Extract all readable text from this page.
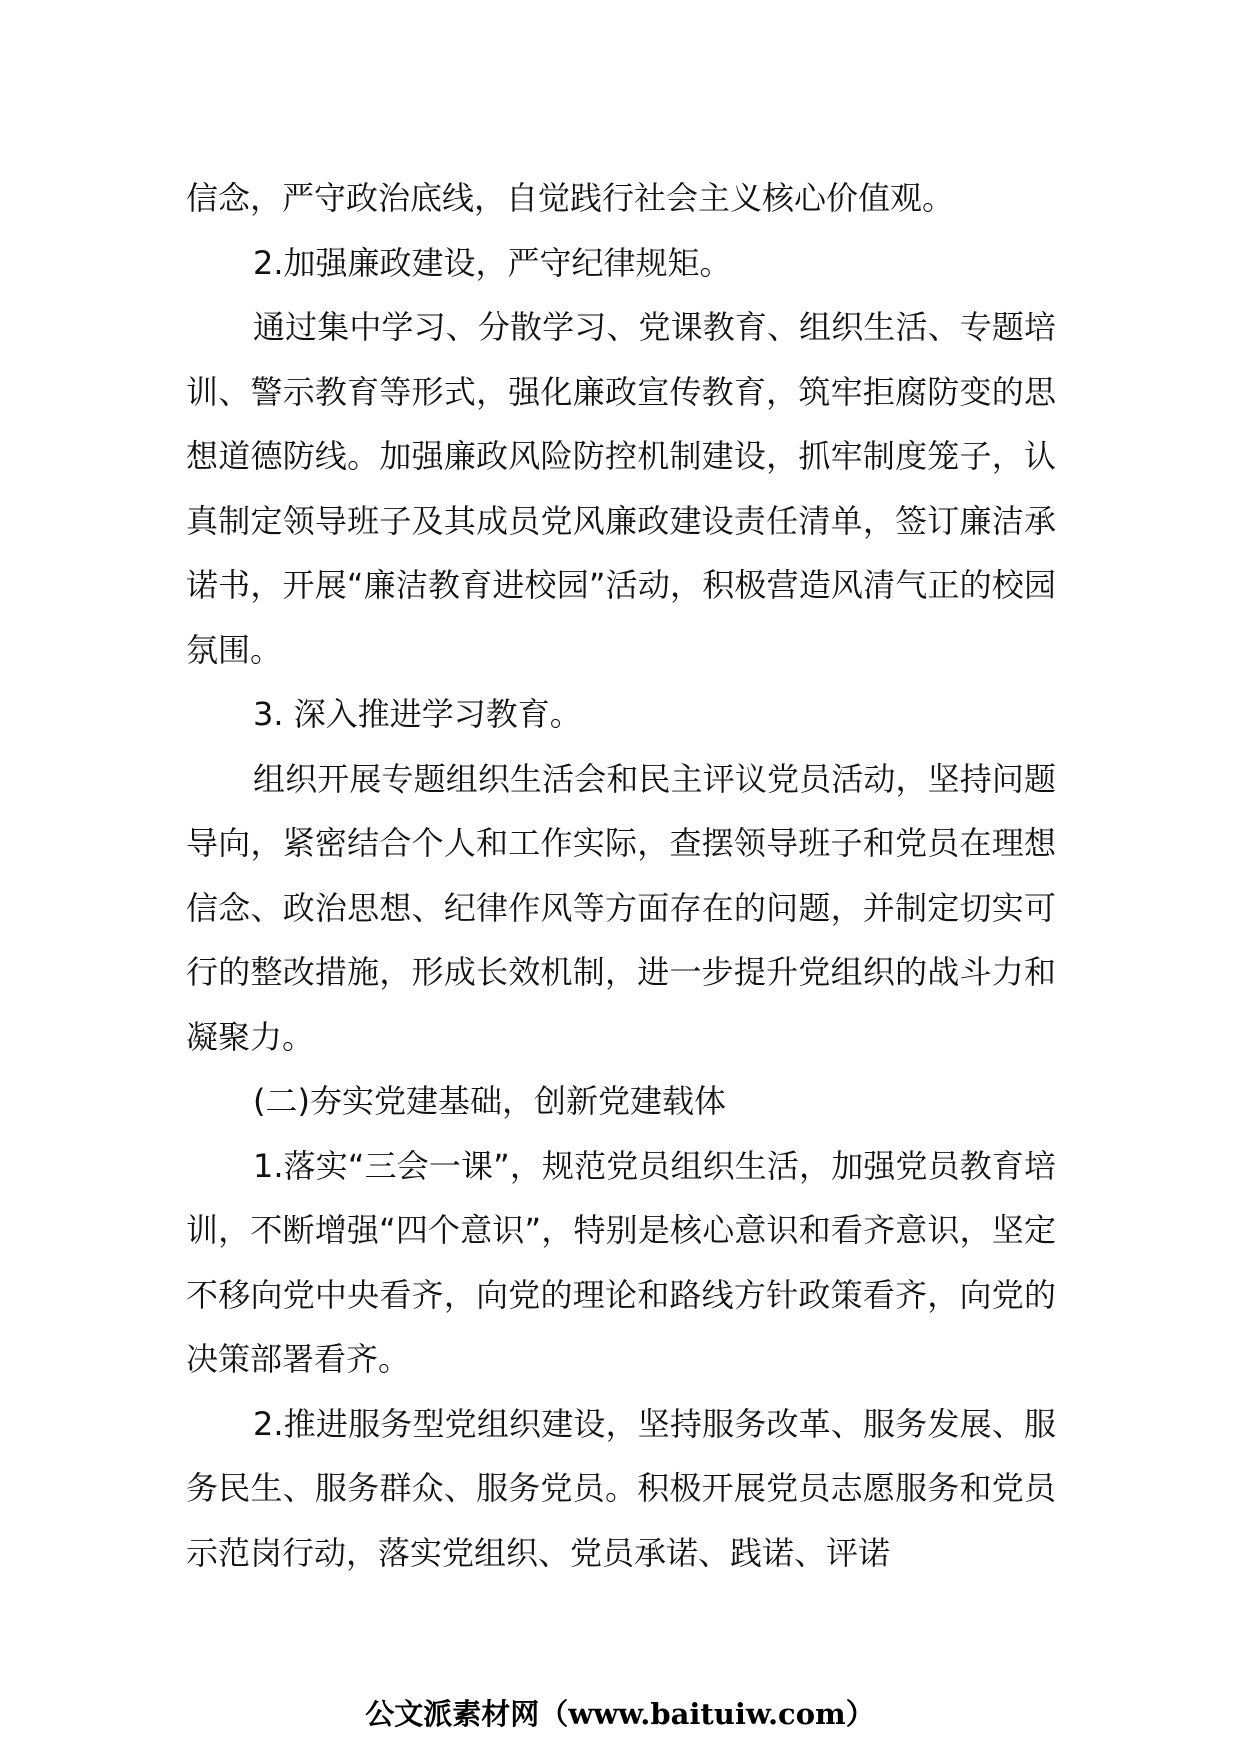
信念，严守政治底线，自觉践行社会主义核心价值观。

2.加强廉政建设，严守纪律规矩。

通过集中学习、分散学习、党课教育、组织生活、专题培训、警示教育等形式，强化廉政宣传教育，筑牢拒腐防变的思想道德防线。加强廉政风险防控机制建设，抓牢制度笼子，认真制定领导班子及其成员党风廉政建设责任清单，签订廉洁承诺书，开展“廉洁教育进校园”活动，积极营造风清气正的校园氛围。

3. 深入推进学习教育。

组织开展专题组织生活会和民主评议党员活动，坚持问题导向，紧密结合个人和工作实际，查摆领导班子和党员在理想信念、政治思想、纪律作风等方面存在的问题，并制定切实可行的整改措施，形成长效机制，进一步提升党组织的战斗力和凝聚力。

(二)夯实党建基础，创新党建载体

1.落实“三会一课”，规范党员组织生活，加强党员教育培训，不断增强“四个意识”，特别是核心意识和看齐意识，坚定不移向党中央看齐，向党的理论和路线方针政策看齐，向党的决策部署看齐。

2.推进服务型党组织建设，坚持服务改革、服务发展、服务民生、服务群众、服务党员。积极开展党员志愿服务和党员示范岗行动，落实党组织、党员承诺、践诺、评诺

公文派素材网（www.baituiw.com）
